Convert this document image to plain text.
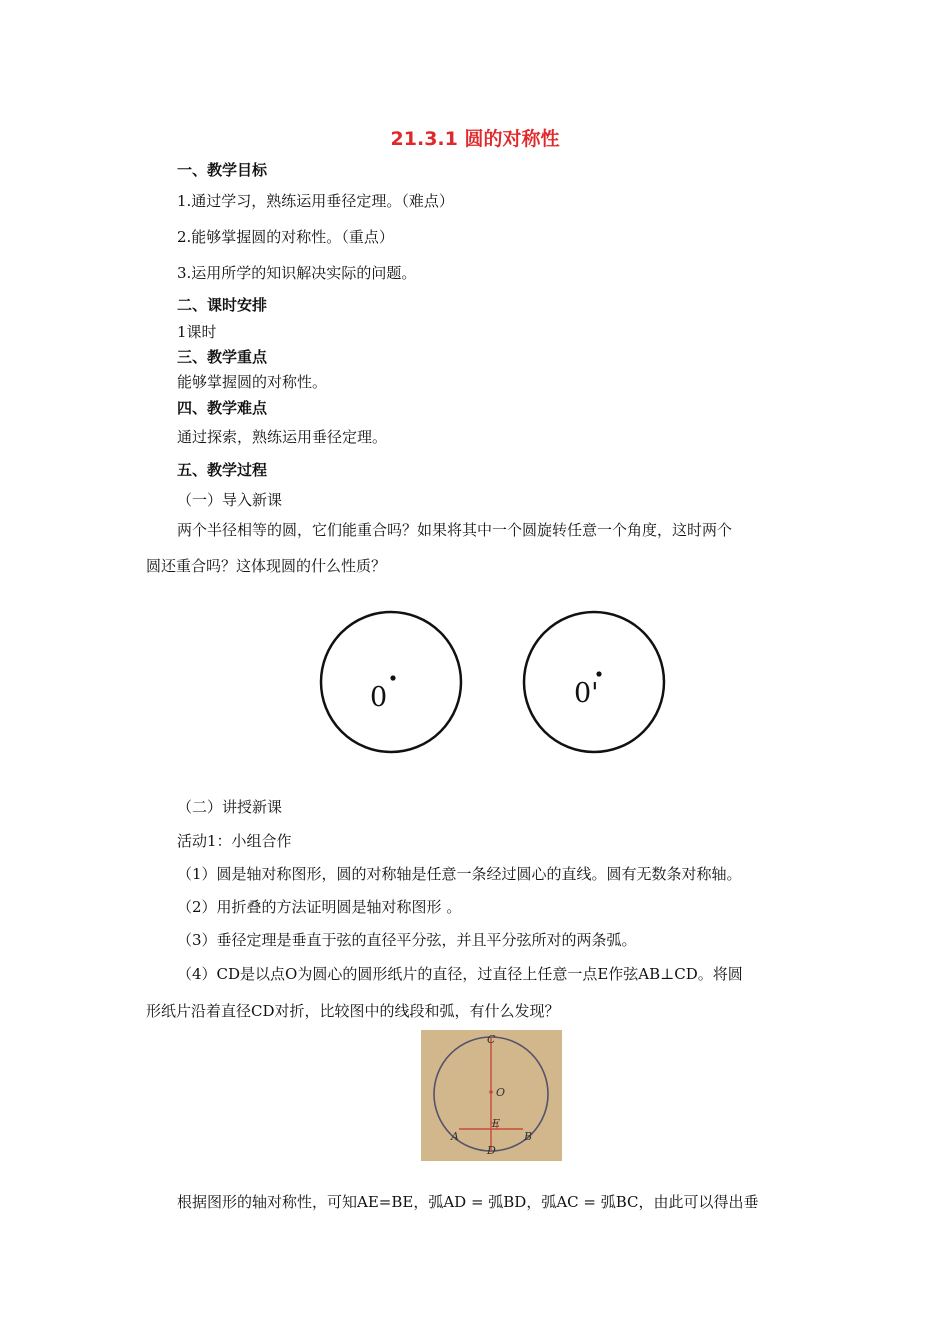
21.3.1 圆的对称性
一、教学目标
1.通过学习，熟练运用垂径定理。（难点）
2.能够掌握圆的对称性。（重点）
3.运用所学的知识解决实际的问题。
二、课时安排
1课时
三、教学重点
能够掌握圆的对称性。
四、教学难点
通过探索，熟练运用垂径定理。
五、教学过程
（一）导入新课
两个半径相等的圆，它们能重合吗？如果将其中一个圆旋转任意一个角度，这时两个
圆还重合吗？这体现圆的什么性质？
0	0'
（二）讲授新课
活动1：小组合作
（1）圆是轴对称图形，圆的对称轴是任意一条经过圆心的直线。圆有无数条对称轴。
（2）用折叠的方法证明圆是轴对称图形 。
（3）垂径定理是垂直于弦的直径平分弦，并且平分弦所对的两条弧。
（4）CD是以点O为圆心的圆形纸片的直径，过直径上任意一点E作弦AB⊥CD。将圆
形纸片沿着直径CD对折，比较图中的线段和弧，有什么发现？
C
O
E
A	B
D
根据图形的轴对称性，可知AE=BE，弧AD = 弧BD，弧AC = 弧BC，由此可以得出垂
